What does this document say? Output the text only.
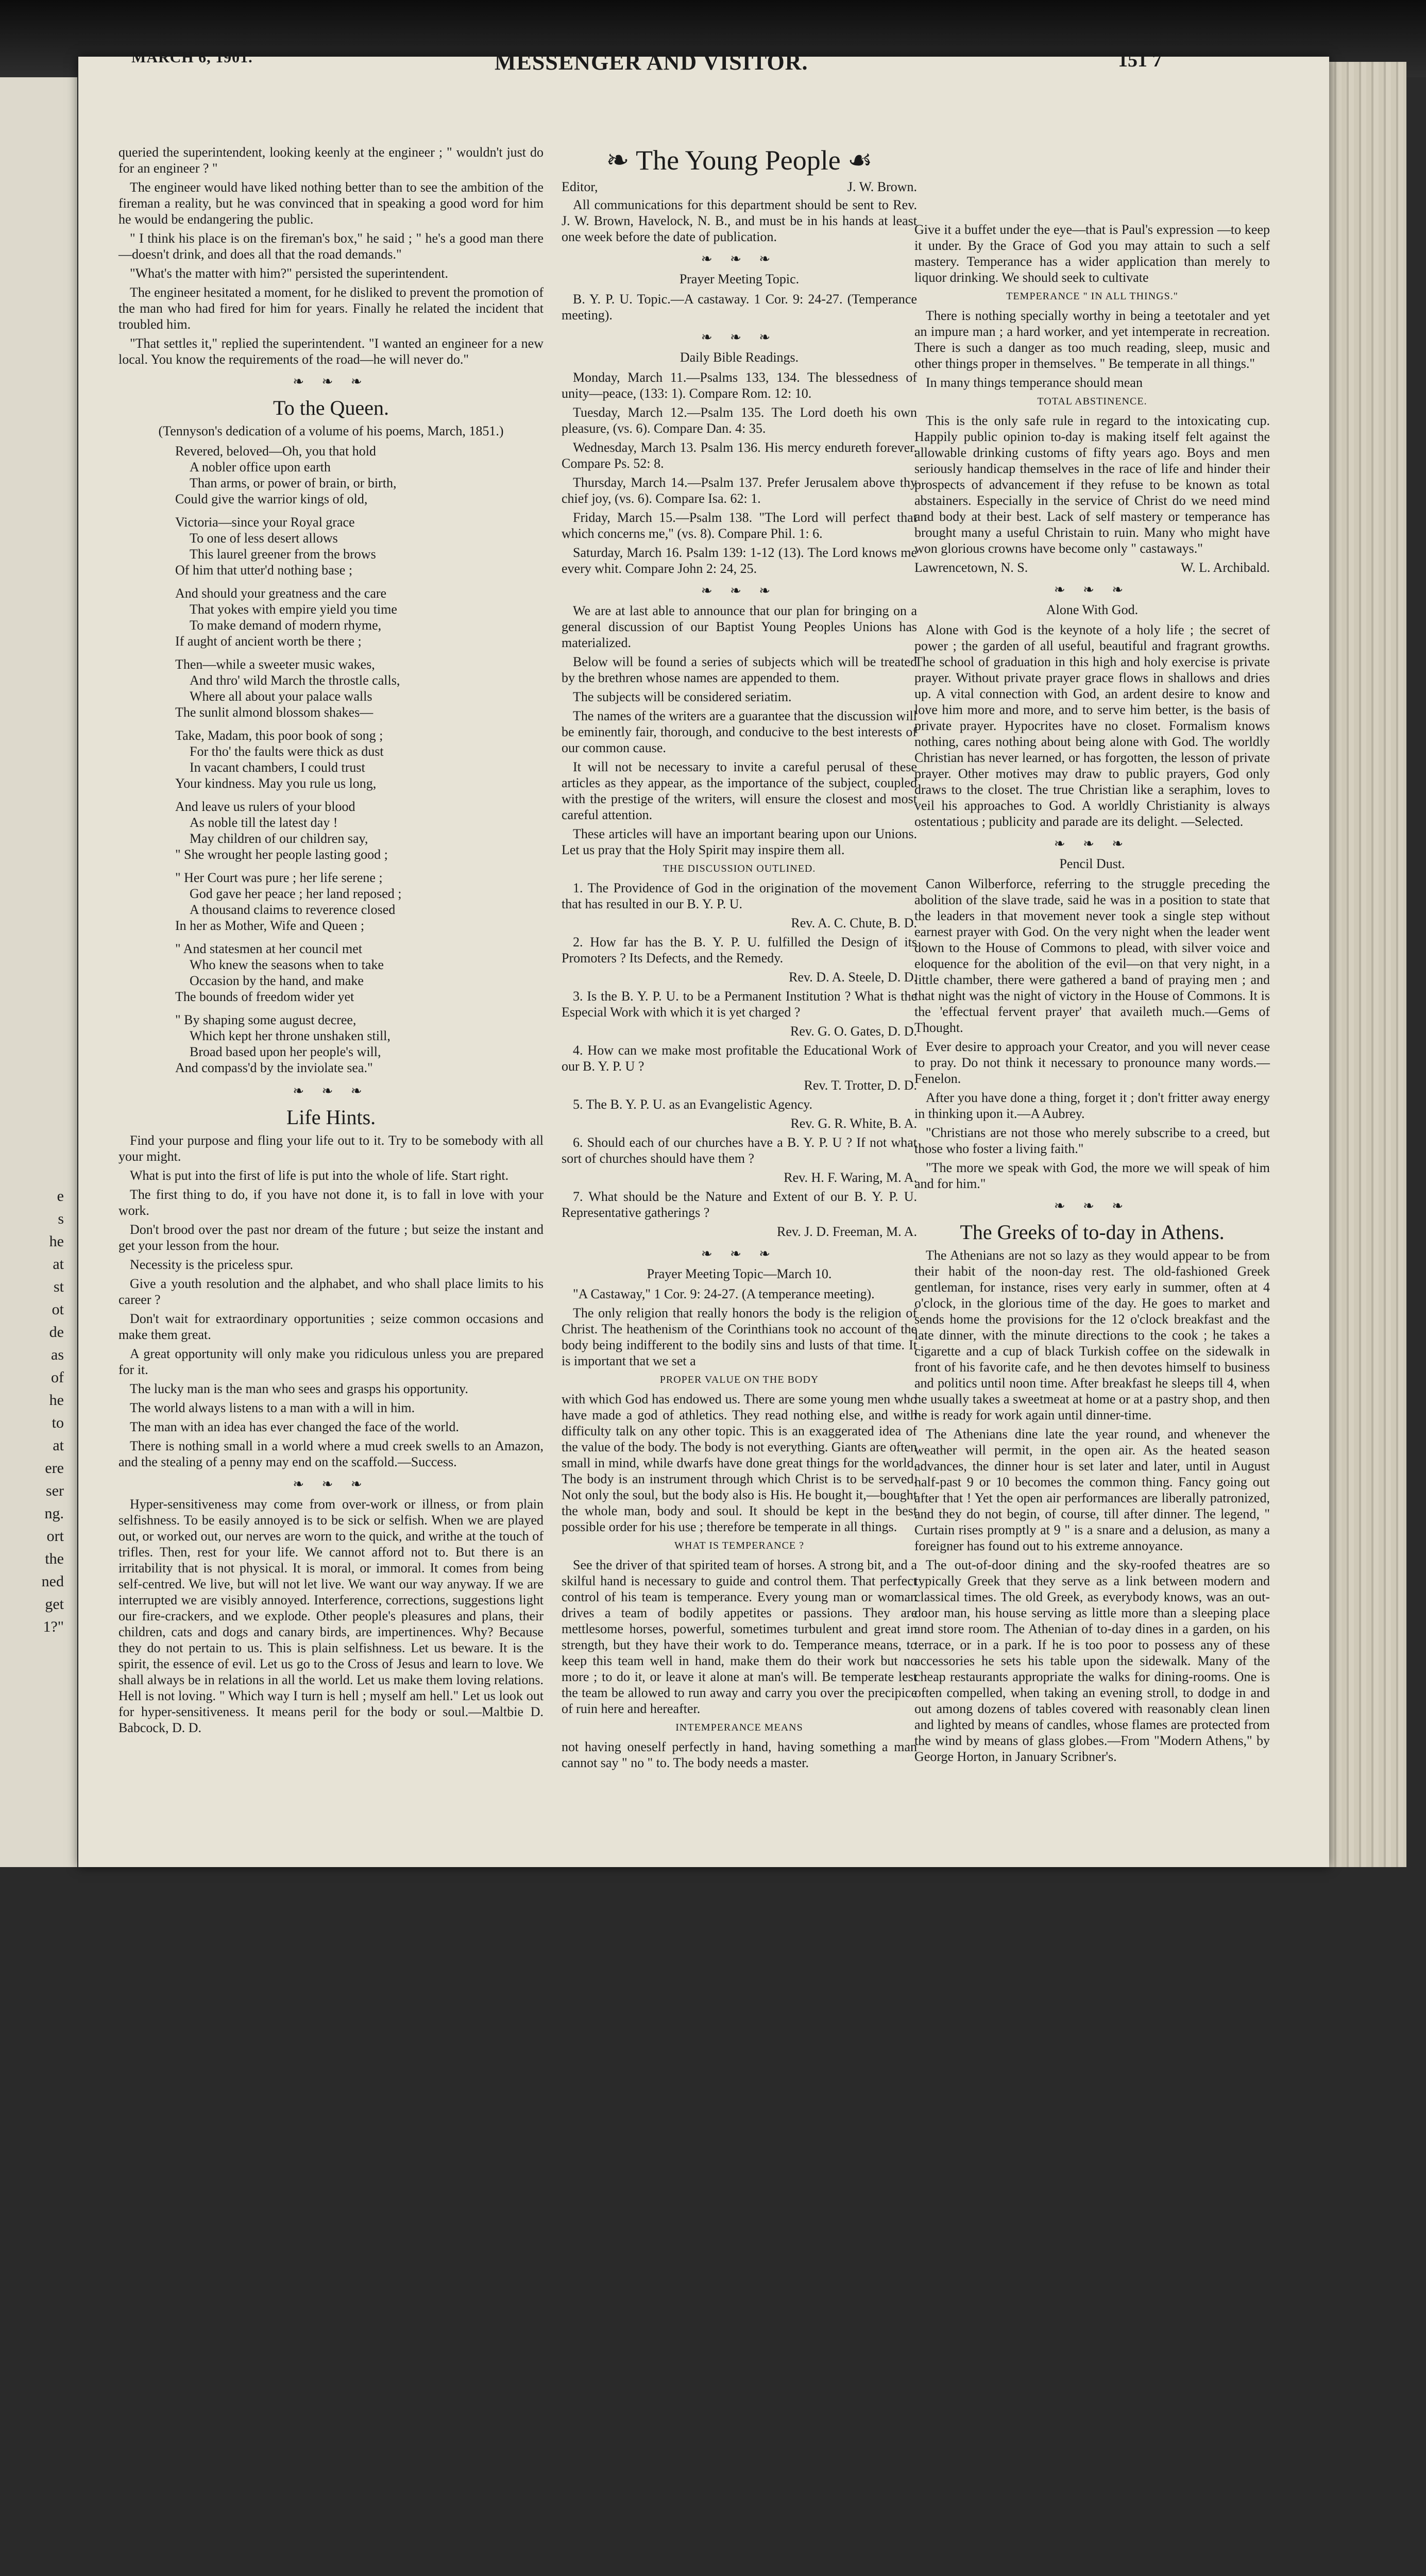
e
s
he
at
st
ot
de
as
of
he
to
at
ere
ser
ng.
ort
the
ned
get
1?"
MARCH 6, 1901.	MESSENGER AND VISITOR.	151 7

queried the superintendent, looking keenly at the engineer ; " wouldn't just do for an engineer ? "

The engineer would have liked nothing better than to see the ambition of the fireman a reality, but he was convinced that in speaking a good word for him he would be endangering the public.

" I think his place is on the fireman's box," he said ; " he's a good man there—doesn't drink, and does all that the road demands."

"What's the matter with him?" persisted the superintendent.

The engineer hesitated a moment, for he disliked to prevent the promotion of the man who had fired for him for years. Finally he related the incident that troubled him.

"That settles it," replied the superintendent. "I wanted an engineer for a new local. You know the requirements of the road—he will never do."

❧ ❧ ❧
To the Queen.
(Tennyson's dedication of a volume of his poems, March, 1851.)
Revered, beloved—Oh, you that hold
A nobler office upon earth
Than arms, or power of brain, or birth,
Could give the warrior kings of old,
Victoria—since your Royal grace
To one of less desert allows
This laurel greener from the brows
Of him that utter'd nothing base ;
And should your greatness and the care
That yokes with empire yield you time
To make demand of modern rhyme,
If aught of ancient worth be there ;
Then—while a sweeter music wakes,
And thro' wild March the throstle calls,
Where all about your palace walls
The sunlit almond blossom shakes—
Take, Madam, this poor book of song ;
For tho' the faults were thick as dust
In vacant chambers, I could trust
Your kindness. May you rule us long,
And leave us rulers of your blood
As noble till the latest day !
May children of our children say,
" She wrought her people lasting good ;
" Her Court was pure ; her life serene ;
God gave her peace ; her land reposed ;
A thousand claims to reverence closed
In her as Mother, Wife and Queen ;
" And statesmen at her council met
Who knew the seasons when to take
Occasion by the hand, and make
The bounds of freedom wider yet
" By shaping some august decree,
Which kept her throne unshaken still,
Broad based upon her people's will,
And compass'd by the inviolate sea."
❧ ❧ ❧
Life Hints.

Find your purpose and fling your life out to it. Try to be somebody with all your might.

What is put into the first of life is put into the whole of life. Start right.

The first thing to do, if you have not done it, is to fall in love with your work.

Don't brood over the past nor dream of the future ; but seize the instant and get your lesson from the hour.

Necessity is the priceless spur.

Give a youth resolution and the alphabet, and who shall place limits to his career ?

Don't wait for extraordinary opportunities ; seize common occasions and make them great.

A great opportunity will only make you ridiculous unless you are prepared for it.

The lucky man is the man who sees and grasps his opportunity.

The world always listens to a man with a will in him.

The man with an idea has ever changed the face of the world.

There is nothing small in a world where a mud creek swells to an Amazon, and the stealing of a penny may end on the scaffold.—Success.

❧ ❧ ❧

Hyper-sensitiveness may come from over-work or illness, or from plain selfishness. To be easily annoyed is to be sick or selfish. When we are played out, or worked out, our nerves are worn to the quick, and writhe at the touch of trifles. Then, rest for your life. We cannot afford not to. But there is an irritability that is not physical. It is moral, or immoral. It comes from being self-centred. We live, but will not let live. We want our way anyway. If we are interrupted we are visibly annoyed. Interference, corrections, suggestions light our fire-crackers, and we explode. Other people's pleasures and plans, their children, cats and dogs and canary birds, are impertinences. Why? Because they do not pertain to us. This is plain selfishness. Let us beware. It is the spirit, the essence of evil. Let us go to the Cross of Jesus and learn to love. We shall always be in relations in all the world. Let us make them loving relations. Hell is not loving. " Which way I turn is hell ; myself am hell." Let us look out for hyper-sensitiveness. It means peril for the body or soul.—Maltbie D. Babcock, D. D.

❧ The Young People ☙
Editor,	J. W. Brown.

All communications for this department should be sent to Rev. J. W. Brown, Havelock, N. B., and must be in his hands at least one week before the date of publication.

❧ ❧ ❧
Prayer Meeting Topic.

B. Y. P. U. Topic.—A castaway. 1 Cor. 9: 24-27. (Temperance meeting).

❧ ❧ ❧
Daily Bible Readings.

Monday, March 11.—Psalms 133, 134. The blessedness of unity—peace, (133: 1). Compare Rom. 12: 10.

Tuesday, March 12.—Psalm 135. The Lord doeth his own pleasure, (vs. 6). Compare Dan. 4: 35.

Wednesday, March 13. Psalm 136. His mercy endureth forever. Compare Ps. 52: 8.

Thursday, March 14.—Psalm 137. Prefer Jerusalem above thy chief joy, (vs. 6). Compare Isa. 62: 1.

Friday, March 15.—Psalm 138. "The Lord will perfect that which concerns me," (vs. 8). Compare Phil. 1: 6.

Saturday, March 16. Psalm 139: 1-12 (13). The Lord knows me every whit. Compare John 2: 24, 25.

❧ ❧ ❧

We are at last able to announce that our plan for bringing on a general discussion of our Baptist Young Peoples Unions has materialized.

Below will be found a series of subjects which will be treated by the brethren whose names are appended to them.

The subjects will be considered seriatim.

The names of the writers are a guarantee that the discussion will be eminently fair, thorough, and conducive to the best interests of our common cause.

It will not be necessary to invite a careful perusal of these articles as they appear, as the importance of the subject, coupled with the prestige of the writers, will ensure the closest and most careful attention.

These articles will have an important bearing upon our Unions. Let us pray that the Holy Spirit may inspire them all.

THE DISCUSSION OUTLINED.

1. The Providence of God in the origination of the movement that has resulted in our B. Y. P. U.

Rev. A. C. Chute, B. D.

2. How far has the B. Y. P. U. fulfilled the Design of its Promoters ? Its Defects, and the Remedy.

Rev. D. A. Steele, D. D.

3. Is the B. Y. P. U. to be a Permanent Institution ? What is the Especial Work with which it is yet charged ?

Rev. G. O. Gates, D. D.

4. How can we make most profitable the Educational Work of our B. Y. P. U ?

Rev. T. Trotter, D. D.

5. The B. Y. P. U. as an Evangelistic Agency.

Rev. G. R. White, B. A.

6. Should each of our churches have a B. Y. P. U ? If not what sort of churches should have them ?

Rev. H. F. Waring, M. A.

7. What should be the Nature and Extent of our B. Y. P. U. Representative gatherings ?

Rev. J. D. Freeman, M. A.
❧ ❧ ❧
Prayer Meeting Topic—March 10.

"A Castaway," 1 Cor. 9: 24-27. (A temperance meeting).

The only religion that really honors the body is the religion of Christ. The heathenism of the Corinthians took no account of the body being indifferent to the bodily sins and lusts of that time. It is important that we set a

PROPER VALUE ON THE BODY

with which God has endowed us. There are some young men who have made a god of athletics. They read nothing else, and with difficulty talk on any other topic. This is an exaggerated idea of the value of the body. The body is not everything. Giants are often small in mind, while dwarfs have done great things for the world. The body is an instrument through which Christ is to be served. Not only the soul, but the body also is His. He bought it,—bought the whole man, body and soul. It should be kept in the best possible order for his use ; therefore be temperate in all things.

WHAT IS TEMPERANCE ?

See the driver of that spirited team of horses. A strong bit, and a skilful hand is necessary to guide and control them. That perfect control of his team is temperance. Every young man or woman drives a team of bodily appetites or passions. They are mettlesome horses, powerful, sometimes turbulent and great in strength, but they have their work to do. Temperance means, to keep this team well in hand, make them do their work but no more ; to do it, or leave it alone at man's will. Be temperate lest the team be allowed to run away and carry you over the precipice of ruin here and hereafter.

INTEMPERANCE MEANS

not having oneself perfectly in hand, having something a man cannot say " no " to. The body needs a master.

Give it a buffet under the eye—that is Paul's expression —to keep it under. By the Grace of God you may attain to such a self mastery. Temperance has a wider application than merely to liquor drinking. We should seek to cultivate

TEMPERANCE " IN ALL THINGS."

There is nothing specially worthy in being a teetotaler and yet an impure man ; a hard worker, and yet intemperate in recreation. There is such a danger as too much reading, sleep, music and other things proper in themselves. " Be temperate in all things."

In many things temperance should mean

TOTAL ABSTINENCE.

This is the only safe rule in regard to the intoxicating cup. Happily public opinion to-day is making itself felt against the allowable drinking customs of fifty years ago. Boys and men seriously handicap themselves in the race of life and hinder their prospects of advancement if they refuse to be known as total abstainers. Especially in the service of Christ do we need mind and body at their best. Lack of self mastery or temperance has brought many a useful Christain to ruin. Many who might have won glorious crowns have become only " castaways."

Lawrencetown, N. S.	W. L. Archibald.
❧ ❧ ❧
Alone With God.

Alone with God is the keynote of a holy life ; the secret of power ; the garden of all useful, beautiful and fragrant growths. The school of graduation in this high and holy exercise is private prayer. Without private prayer grace flows in shallows and dries up. A vital connection with God, an ardent desire to know and love him more and more, and to serve him better, is the basis of private prayer. Hypocrites have no closet. Formalism knows nothing, cares nothing about being alone with God. The worldly Christian has never learned, or has forgotten, the lesson of private prayer. Other motives may draw to public prayers, God only draws to the closet. The true Christian like a seraphim, loves to veil his approaches to God. A worldly Christianity is always ostentatious ; publicity and parade are its delight. —Selected.

❧ ❧ ❧
Pencil Dust.

Canon Wilberforce, referring to the struggle preceding the abolition of the slave trade, said he was in a position to state that the leaders in that movement never took a single step without earnest prayer with God. On the very night when the leader went down to the House of Commons to plead, with silver voice and eloquence for the abolition of the evil—on that very night, in a little chamber, there were gathered a band of praying men ; and that night was the night of victory in the House of Commons. It is the 'effectual fervent prayer' that availeth much.—Gems of Thought.

Ever desire to approach your Creator, and you will never cease to pray. Do not think it necessary to pronounce many words.—Fenelon.

After you have done a thing, forget it ; don't fritter away energy in thinking upon it.—A Aubrey.

"Christians are not those who merely subscribe to a creed, but those who foster a living faith."

"The more we speak with God, the more we will speak of him and for him."

❧ ❧ ❧
The Greeks of to-day in Athens.

The Athenians are not so lazy as they would appear to be from their habit of the noon-day rest. The old-fashioned Greek gentleman, for instance, rises very early in summer, often at 4 o'clock, in the glorious time of the day. He goes to market and sends home the provisions for the 12 o'clock breakfast and the late dinner, with the minute directions to the cook ; he takes a cigarette and a cup of black Turkish coffee on the sidewalk in front of his favorite cafe, and he then devotes himself to business and politics until noon time. After breakfast he sleeps till 4, when he usually takes a sweetmeat at home or at a pastry shop, and then he is ready for work again until dinner-time.

The Athenians dine late the year round, and whenever the weather will permit, in the open air. As the heated season advances, the dinner hour is set later and later, until in August half-past 9 or 10 becomes the common thing. Fancy going out after that ! Yet the open air performances are liberally patronized, and they do not begin, of course, till after dinner. The legend, " Curtain rises promptly at 9 " is a snare and a delusion, as many a foreigner has found out to his extreme annoyance.

The out-of-door dining and the sky-roofed theatres are so typically Greek that they serve as a link between modern and classical times. The old Greek, as everybody knows, was an out-door man, his house serving as little more than a sleeping place and store room. The Athenian of to-day dines in a garden, on his terrace, or in a park. If he is too poor to possess any of these accessories he sets his table upon the sidewalk. Many of the cheap restaurants appropriate the walks for dining-rooms. One is often compelled, when taking an evening stroll, to dodge in and out among dozens of tables covered with reasonably clean linen and lighted by means of candles, whose flames are protected from the wind by means of glass globes.—From "Modern Athens," by George Horton, in January Scribner's.
